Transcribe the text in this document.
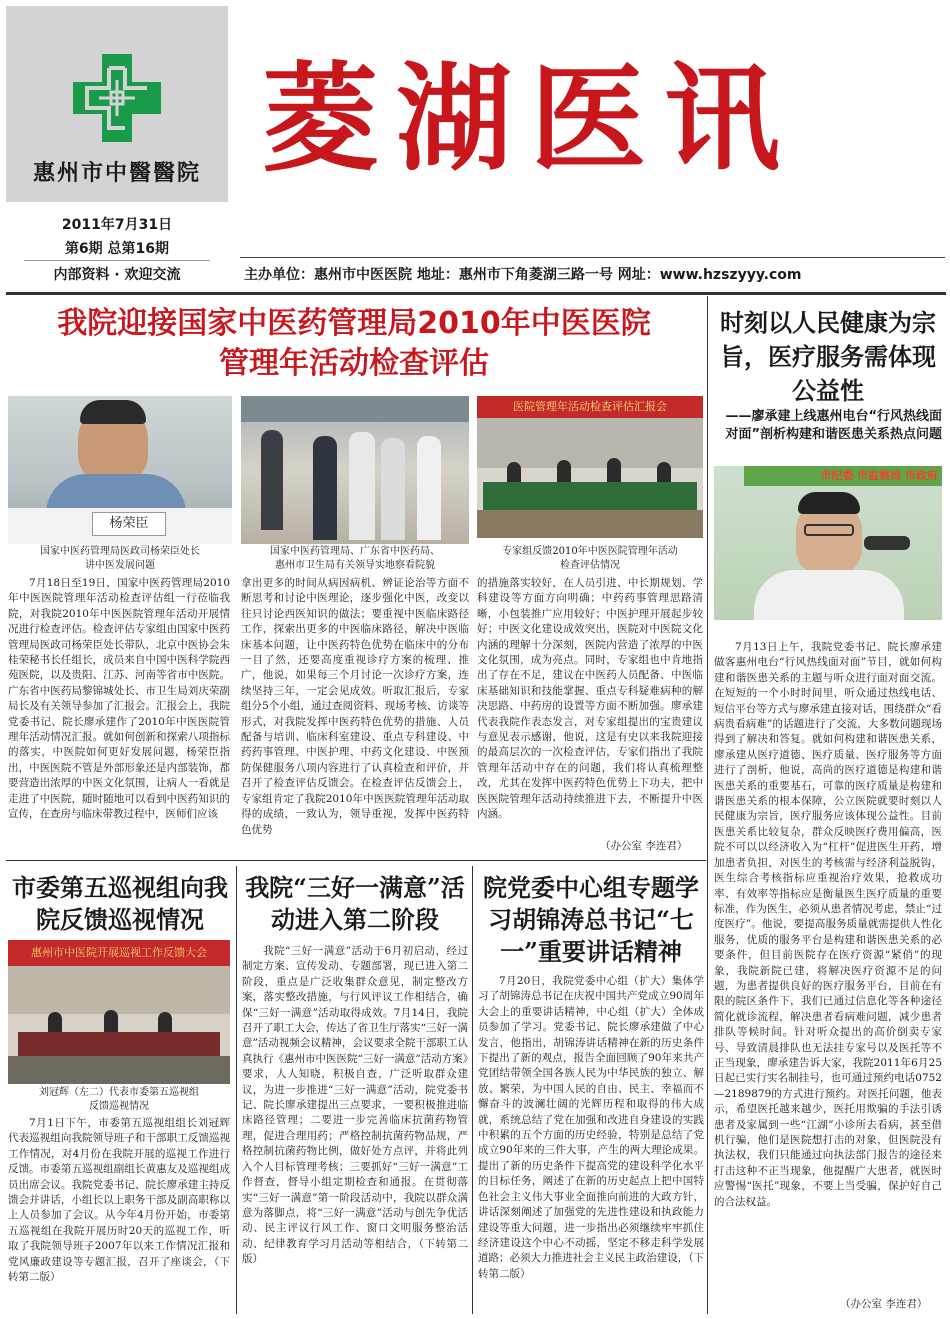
惠州市中醫醫院
2011年7月31日
第6期 总第16期
内部资料 · 欢迎交流
菱湖医讯
主办单位：惠州市中医医院 地址：惠州市下角菱湖三路一号 网址：www.hzszyyy.com
我院迎接国家中医药管理局2010年中医医院
管理年活动检查评估
杨荣臣
国家中医药管理局医政司杨荣臣处长
讲中医发展问题
国家中医药管理局、广东省中医药局、
惠州市卫生局有关领导实地察看院貌
医院管理年活动检查评估汇报会
专家组反馈2010年中医医院管理年活动
检查评估情况
7月18日至19日，国家中医药管理局2010年中医医院管理年活动检查评估组一行莅临我院，对我院2010年中医医院管理年活动开展情况进行检查评估。检查评估专家组由国家中医药管理局医政司杨荣臣处长带队，北京中医协会朱桂荣秘书长任组长，成员来自中国中医科学院西苑医院，以及贵阳、江苏、河南等省市中医院。广东省中医药局黎锦城处长、市卫生局刘庆荣副局长及有关领导参加了汇报会。汇报会上，我院党委书记、院长廖承建作了2010年中医医院管理年活动情况汇报。就如何创新和探索八项指标的落实，中医院如何更好发展问题，杨荣臣指出，中医医院不管是外部形象还是内部装饰，都要营造出浓厚的中医文化氛围，让病人一看就是走进了中医院，随时随地可以看到中医药知识的宣传，在查房与临床带教过程中，医师们应该
拿出更多的时间从病因病机、辨证论治等方面不断思考和讨论中医理论，逐步强化中医，改变以往只讨论西医知识的做法；要重视中医临床路径工作，探索出更多的中医临床路径，解决中医临床基本问题，让中医药特色优势在临床中的分布一目了然，还要高度重视诊疗方案的梳理、推广，他说，如果每三个月讨论一次诊疗方案，连续坚持三年，一定会见成效。听取汇报后，专家组分5个小组，通过查阅资料、现场考核、访谈等形式，对我院发挥中医药特色优势的措施、人员配备与培训、临床科室建设、重点专科建设、中药药事管理、中医护理、中药文化建设、中医预防保健服务八项内容进行了认真检查和评价，并召开了检查评估反馈会。在检查评估反馈会上，专家组肯定了我院2010年中医医院管理年活动取得的成绩，一致认为，领导重视，发挥中医药特色优势
的措施落实较好，在人员引进、中长期规划、学科建设等方面方向明确；中药药事管理思路清晰，小包装推广应用较好；中医护理开展起步较好；中医文化建设成效突出，医院对中医院文化内涵的理解十分深刻，医院内营造了浓厚的中医文化氛围，成为亮点。同时，专家组也中肯地指出了存在不足，建议在中医药人员配备、中医临床基础知识和技能掌握、重点专科疑难病种的解决思路、中药房的设置等方面不断加强。廖承建代表我院作表态发言，对专家组提出的宝贵建议与意见表示感谢，他说，这是有史以来我院迎接的最高层次的一次检查评估，专家们指出了我院管理年活动中存在的问题，我们将认真梳理整改，尤其在发挥中医药特色优势上下功夫，把中医医院管理年活动持续推进下去，不断提升中医内涵。
（办公室 李连君）
时刻以人民健康为宗旨，医疗服务需体现公益性
——廖承建上线惠州电台“行风热线面对面”剖析构建和谐医患关系热点问题
市纪委 市监察局 市政府
7月13日上午，我院党委书记、院长廖承建做客惠州电台“行风热线面对面”节目，就如何构建和谐医患关系的主题与听众进行面对面交流。在短短的一个小时时间里，听众通过热线电话、短信平台等方式与廖承建直接对话，围绕群众“看病贵看病难”的话题进行了交流，大多数问题现场得到了解决和答复。就如何构建和谐医患关系，廖承建从医疗道德、医疗质量、医疗服务等方面进行了剖析，他说，高尚的医疗道德是构建和谐医患关系的重要基石，可靠的医疗质量是构建和谐医患关系的根本保障，公立医院就要时刻以人民健康为宗旨，医疗服务应该体现公益性。目前医患关系比较复杂，群众反映医疗费用偏高，医院不可以以经济收入为“杠杆”促进医生开药，增加患者负担，对医生的考核需与经济利益脱钩，医生综合考核指标应重视治疗效果，抢救成功率、有效率等指标应是衡量医生医疗质量的重要标准，作为医生，必须从患者情况考虑，禁止“过度医疗”。他说，要提高服务质量就需提供人性化服务，优质的服务平台是构建和谐医患关系的必要条件，但目前医院存在医疗资源“紧俏”的现象，我院新院已建，将解决医疗资源不足的问题，为患者提供良好的医疗服务平台，目前在有限的院区条件下，我们已通过信息化等各种途径简化就诊流程，解决患者看病难问题，减少患者排队等候时间。针对听众提出的高价倒卖专家号、导致清晨排队也无法挂专家号以及医托等不正当现象，廖承建告诉大家，我院2011年6月25日起已实行实名制挂号，也可通过预约电话0752—2189879的方式进行预约。对医托问题，他表示，希望医托越来越少，医托用欺骗的手法引诱患者及家属到一些“江湖”小诊所去看病，甚至借机行骗，他们是医院想打击的对象，但医院没有执法权，我们只能通过向执法部门报告的途径来打击这种不正当现象，他提醒广大患者，就医时应警惕“医托”现象，不要上当受骗，保护好自己的合法权益。
（办公室 李连君）
市委第五巡视组向我院反馈巡视情况
惠州市中医院开展巡视工作反馈大会
刘冠辉（左二）代表市委第五巡视组
反馈巡视情况
7月1日下午，市委第五巡视组组长刘冠辉代表巡视组向我院领导班子和干部职工反馈巡视工作情况，对4月份在我院开展的巡视工作进行反馈。市委第五巡视组副组长黄惠友及巡视组成员出席会议。我院党委书记、院长廖承建主持反馈会并讲话，小组长以上职务干部及副高职称以上人员参加了会议。从今年4月份开始，市委第五巡视组在我院开展历时20天的巡视工作，听取了我院领导班子2007年以来工作情况汇报和党风廉政建设等专题汇报，召开了座谈会，（下转第二版）
我院“三好一满意”活动进入第二阶段
我院“三好一满意”活动于6月初启动，经过制定方案、宣传发动、专题部署，现已进入第二阶段，重点是广泛收集群众意见，制定整改方案，落实整改措施，与行风评议工作相结合，确保“三好一满意”活动取得成效。7月14日，我院召开了职工大会，传达了省卫生厅落实“三好一满意”活动视频会议精神，会议要求全院干部职工认真执行《惠州市中医医院“三好一满意”活动方案》要求，人人知晓，积极自查，广泛听取群众建议，为进一步推进“三好一满意”活动，院党委书记、院长廖承建提出三点要求，一要积极推进临床路径管理；二要进一步完善临床抗菌药物管理，促进合理用药；严格控制抗菌药物品规，严格控制抗菌药物比例，做好处方点评，并将此列入个人目标管理考核；三要抓好“三好一满意”工作督查，督导小组定期检查和通报。在贯彻落实“三好一满意”第一阶段活动中，我院以群众满意为落脚点，将“三好一满意”活动与创先争优活动、民主评议行风工作、窗口文明服务整治活动、纪律教育学习月活动等相结合，（下转第二版）
院党委中心组专题学习胡锦涛总书记“七一”重要讲话精神
7月20日，我院党委中心组（扩大）集体学习了胡锦涛总书记在庆祝中国共产党成立90周年大会上的重要讲话精神，中心组（扩大）全体成员参加了学习。党委书记、院长廖承建做了中心发言，他指出，胡锦涛讲话精神在新的历史条件下提出了新的观点，报告全面回顾了90年来共产党团结带领全国各族人民为中华民族的独立、解放、繁荣，为中国人民的自由、民主、幸福而不懈奋斗的波澜壮阔的光辉历程和取得的伟大成就，系统总结了党在加强和改进自身建设的实践中积累的五个方面的历史经验，特别是总结了党成立90年来的三件大事，产生的两大理论成果。提出了新的历史条件下提高党的建设科学化水平的目标任务，阐述了在新的历史起点上把中国特色社会主义伟大事业全面推向前进的大政方针，讲话深刻阐述了加强党的先进性建设和执政能力建设等重大问题，进一步指出必须继续牢牢抓住经济建设这个中心不动摇，坚定不移走科学发展道路；必须大力推进社会主义民主政治建设，（下转第二版）
